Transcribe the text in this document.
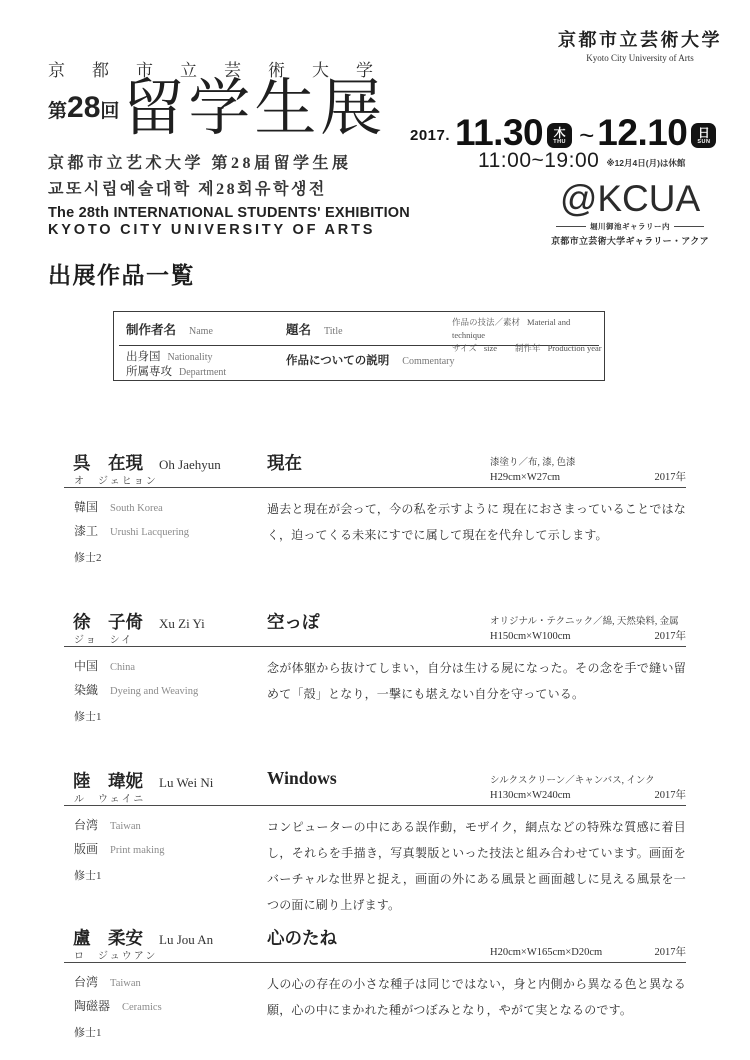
京都市立芸術大学
第 28 回 留学生展
京都市立艺术大学 第28届留学生展
교또시립예술대학 제28회유학생전
The 28th INTERNATIONAL STUDENTS' EXHIBITION
KYOTO CITY UNIVERSITY OF ARTS
京都市立芸術大学
Kyoto City University of Arts
2017. 11.30 木
THU ~ 12.10 日
SUN
11:00~19:00 ※12月4日(月)は休館
@KCUA
堀川御池ギャラリー内
京都市立芸術大学ギャラリー・アクア
出展作品一覧
制作者名 Name	題名 Title
作品の技法／素材 Material and technique
サイズ size 制作年 Production year
出身国 Nationality
所属専攻 Department
作品についての説明 Commentary
呉　在現 Oh Jaehyun
オ　ジェヒョン
現在	漆塗り／布, 漆, 色漆
H29cm×W27cm	2017年
韓国 South Korea
漆工 Urushi Lacquering
修士2
過去と現在が会って，今の私を示すように 現在におさまっていることではなく，迫ってくる未来にすでに属して現在を代弁して示します。
徐　子倚 Xu Zi Yi
ジョ　シイ
空っぽ	オリジナル・テクニック／綿, 天然染料, 金属
H150cm×W100cm	2017年
中国 China
染織 Dyeing and Weaving
修士1
念が体躯から抜けてしまい，自分は生ける屍になった。その念を手で縫い留めて「殻」となり，一撃にも堪えない自分を守っている。
陸　瑋妮 Lu Wei Ni
ル　ウェイニ
Windows	シルクスクリーン／キャンバス, インク
H130cm×W240cm	2017年
台湾 Taiwan
版画 Print making
修士1
コンピューターの中にある誤作動，モザイク，網点などの特殊な質感に着目し，それらを手描き，写真製版といった技法と組み合わせています。画面をバーチャルな世界と捉え，画面の外にある風景と画面越しに見える風景を一つの面に刷り上げます。
盧　柔安 Lu Jou An
ロ　ジュウアン
心のたね
H20cm×W165cm×D20cm	2017年
台湾 Taiwan
陶磁器 Ceramics
修士1
人の心の存在の小さな種子は同じではない，身と内側から異なる色と異なる願，心の中にまかれた種がつぼみとなり，やがて実となるのです。
